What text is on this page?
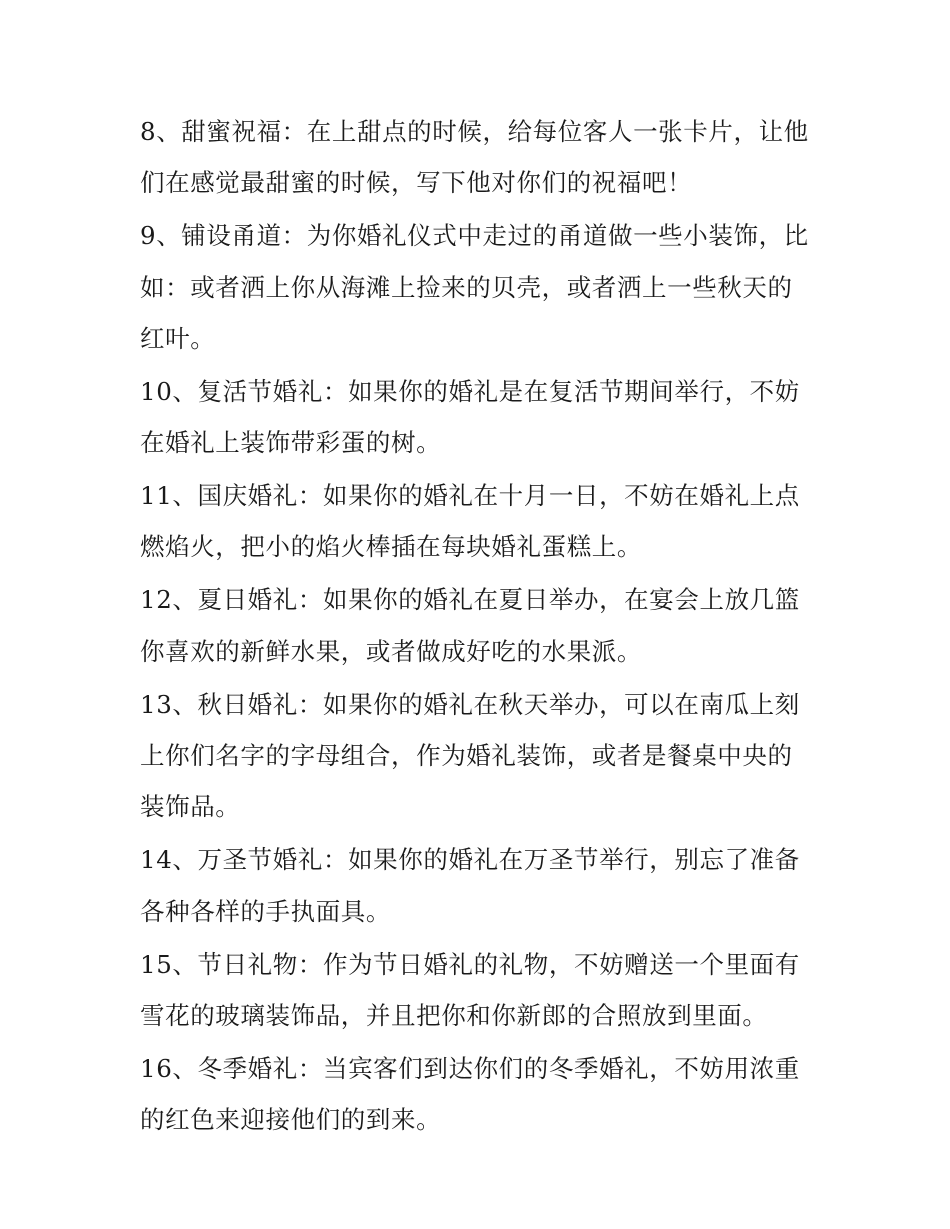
8、甜蜜祝福：在上甜点的时候，给每位客人一张卡片，让他们在感觉最甜蜜的时候，写下他对你们的祝福吧！

9、铺设甬道：为你婚礼仪式中走过的甬道做一些小装饰，比如：或者洒上你从海滩上捡来的贝壳，或者洒上一些秋天的红叶。

10、复活节婚礼：如果你的婚礼是在复活节期间举行，不妨在婚礼上装饰带彩蛋的树。

11、国庆婚礼：如果你的婚礼在十月一日，不妨在婚礼上点燃焰火，把小的焰火棒插在每块婚礼蛋糕上。

12、夏日婚礼：如果你的婚礼在夏日举办，在宴会上放几篮你喜欢的新鲜水果，或者做成好吃的水果派。

13、秋日婚礼：如果你的婚礼在秋天举办，可以在南瓜上刻上你们名字的字母组合，作为婚礼装饰，或者是餐桌中央的装饰品。

14、万圣节婚礼：如果你的婚礼在万圣节举行，别忘了准备各种各样的手执面具。

15、节日礼物：作为节日婚礼的礼物，不妨赠送一个里面有雪花的玻璃装饰品，并且把你和你新郎的合照放到里面。

16、冬季婚礼：当宾客们到达你们的冬季婚礼，不妨用浓重的红色来迎接他们的到来。
